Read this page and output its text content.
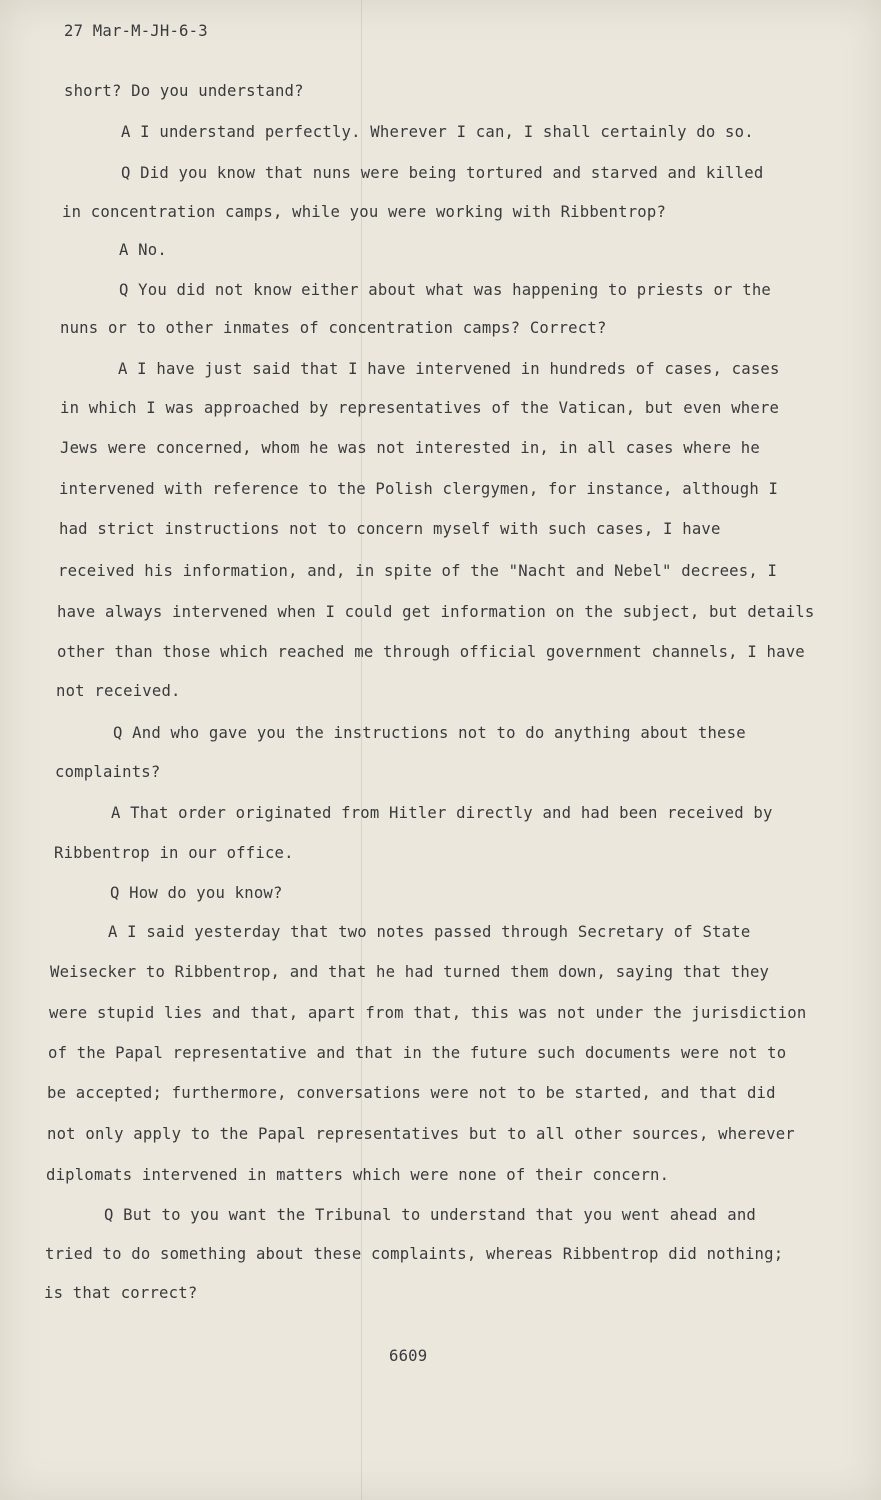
27 Mar-M-JH-6-3
short? Do you understand?
A I understand perfectly. Wherever I can, I shall certainly do so.
Q Did you know that nuns were being tortured and starved and killed
in concentration camps, while you were working with Ribbentrop?
A No.
Q You did not know either about what was happening to priests or the
nuns or to other inmates of concentration camps? Correct?
A I have just said that I have intervened in hundreds of cases, cases
in which I was approached by representatives of the Vatican, but even where
Jews were concerned, whom he was not interested in, in all cases where he
intervened with reference to the Polish clergymen, for instance, although I
had strict instructions not to concern myself with such cases, I have
received his information, and, in spite of the "Nacht and Nebel" decrees, I
have always intervened when I could get information on the subject, but details
other than those which reached me through official government channels, I have
not received.
Q And who gave you the instructions not to do anything about these
complaints?
A That order originated from Hitler directly and had been received by
Ribbentrop in our office.
Q How do you know?
A I said yesterday that two notes passed through Secretary of State
Weisecker to Ribbentrop, and that he had turned them down, saying that they
were stupid lies and that, apart from that, this was not under the jurisdiction
of the Papal representative and that in the future such documents were not to
be accepted; furthermore, conversations were not to be started, and that did
not only apply to the Papal representatives but to all other sources, wherever
diplomats intervened in matters which were none of their concern.
Q But to you want the Tribunal to understand that you went ahead and
tried to do something about these complaints, whereas Ribbentrop did nothing;
is that correct?
6609
